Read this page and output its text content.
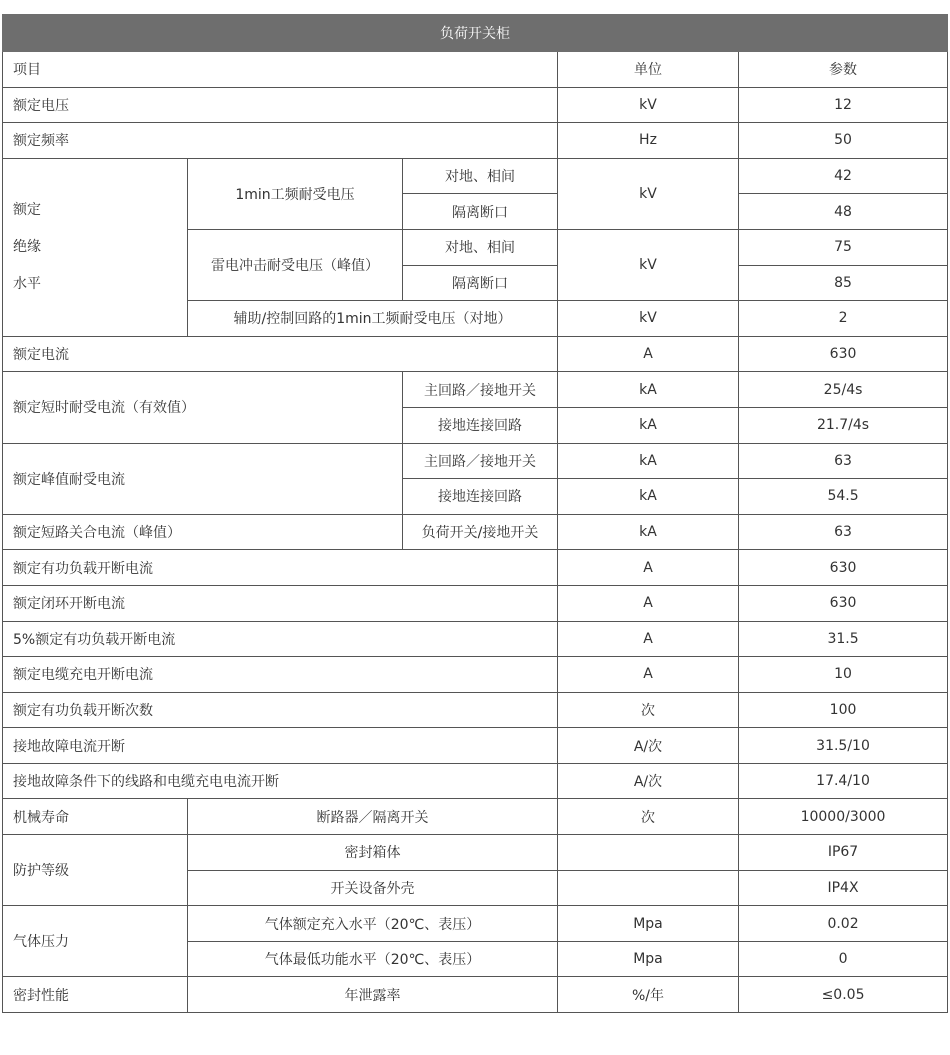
负荷开关柜				
项目			单位	参数
额定电压			kV	12
额定频率			Hz	50

额定
绝缘
水平	1min工频耐受电压	对地、相间	kV	42
		隔离断口		48
	雷电冲击耐受电压（峰值）	对地、相间	kV	75
		隔离断口		85
	辅助/控制回路的1min工频耐受电压（对地）		kV	2
额定电流			A	630
额定短时耐受电流（有效值）		主回路／接地开关	kA	25/4s
		接地连接回路	kA	21.7/4s
额定峰值耐受电流		主回路／接地开关	kA	63
		接地连接回路	kA	54.5
额定短路关合电流（峰值）		负荷开关/接地开关	kA	63
额定有功负载开断电流			A	630
额定闭环开断电流			A	630
5%额定有功负载开断电流			A	31.5
额定电缆充电开断电流			A	10
额定有功负载开断次数			次	100
接地故障电流开断			A/次	31.5/10
接地故障条件下的线路和电缆充电电流开断			A/次	17.4/10
机械寿命	断路器／隔离开关		次	10000/3000
防护等级	密封箱体			IP67
	开关设备外壳			IP4X
气体压力	气体额定充入水平（20℃、表压）		Mpa	0.02
	气体最低功能水平（20℃、表压）		Mpa	0
密封性能	年泄露率		%/年	≤0.05
